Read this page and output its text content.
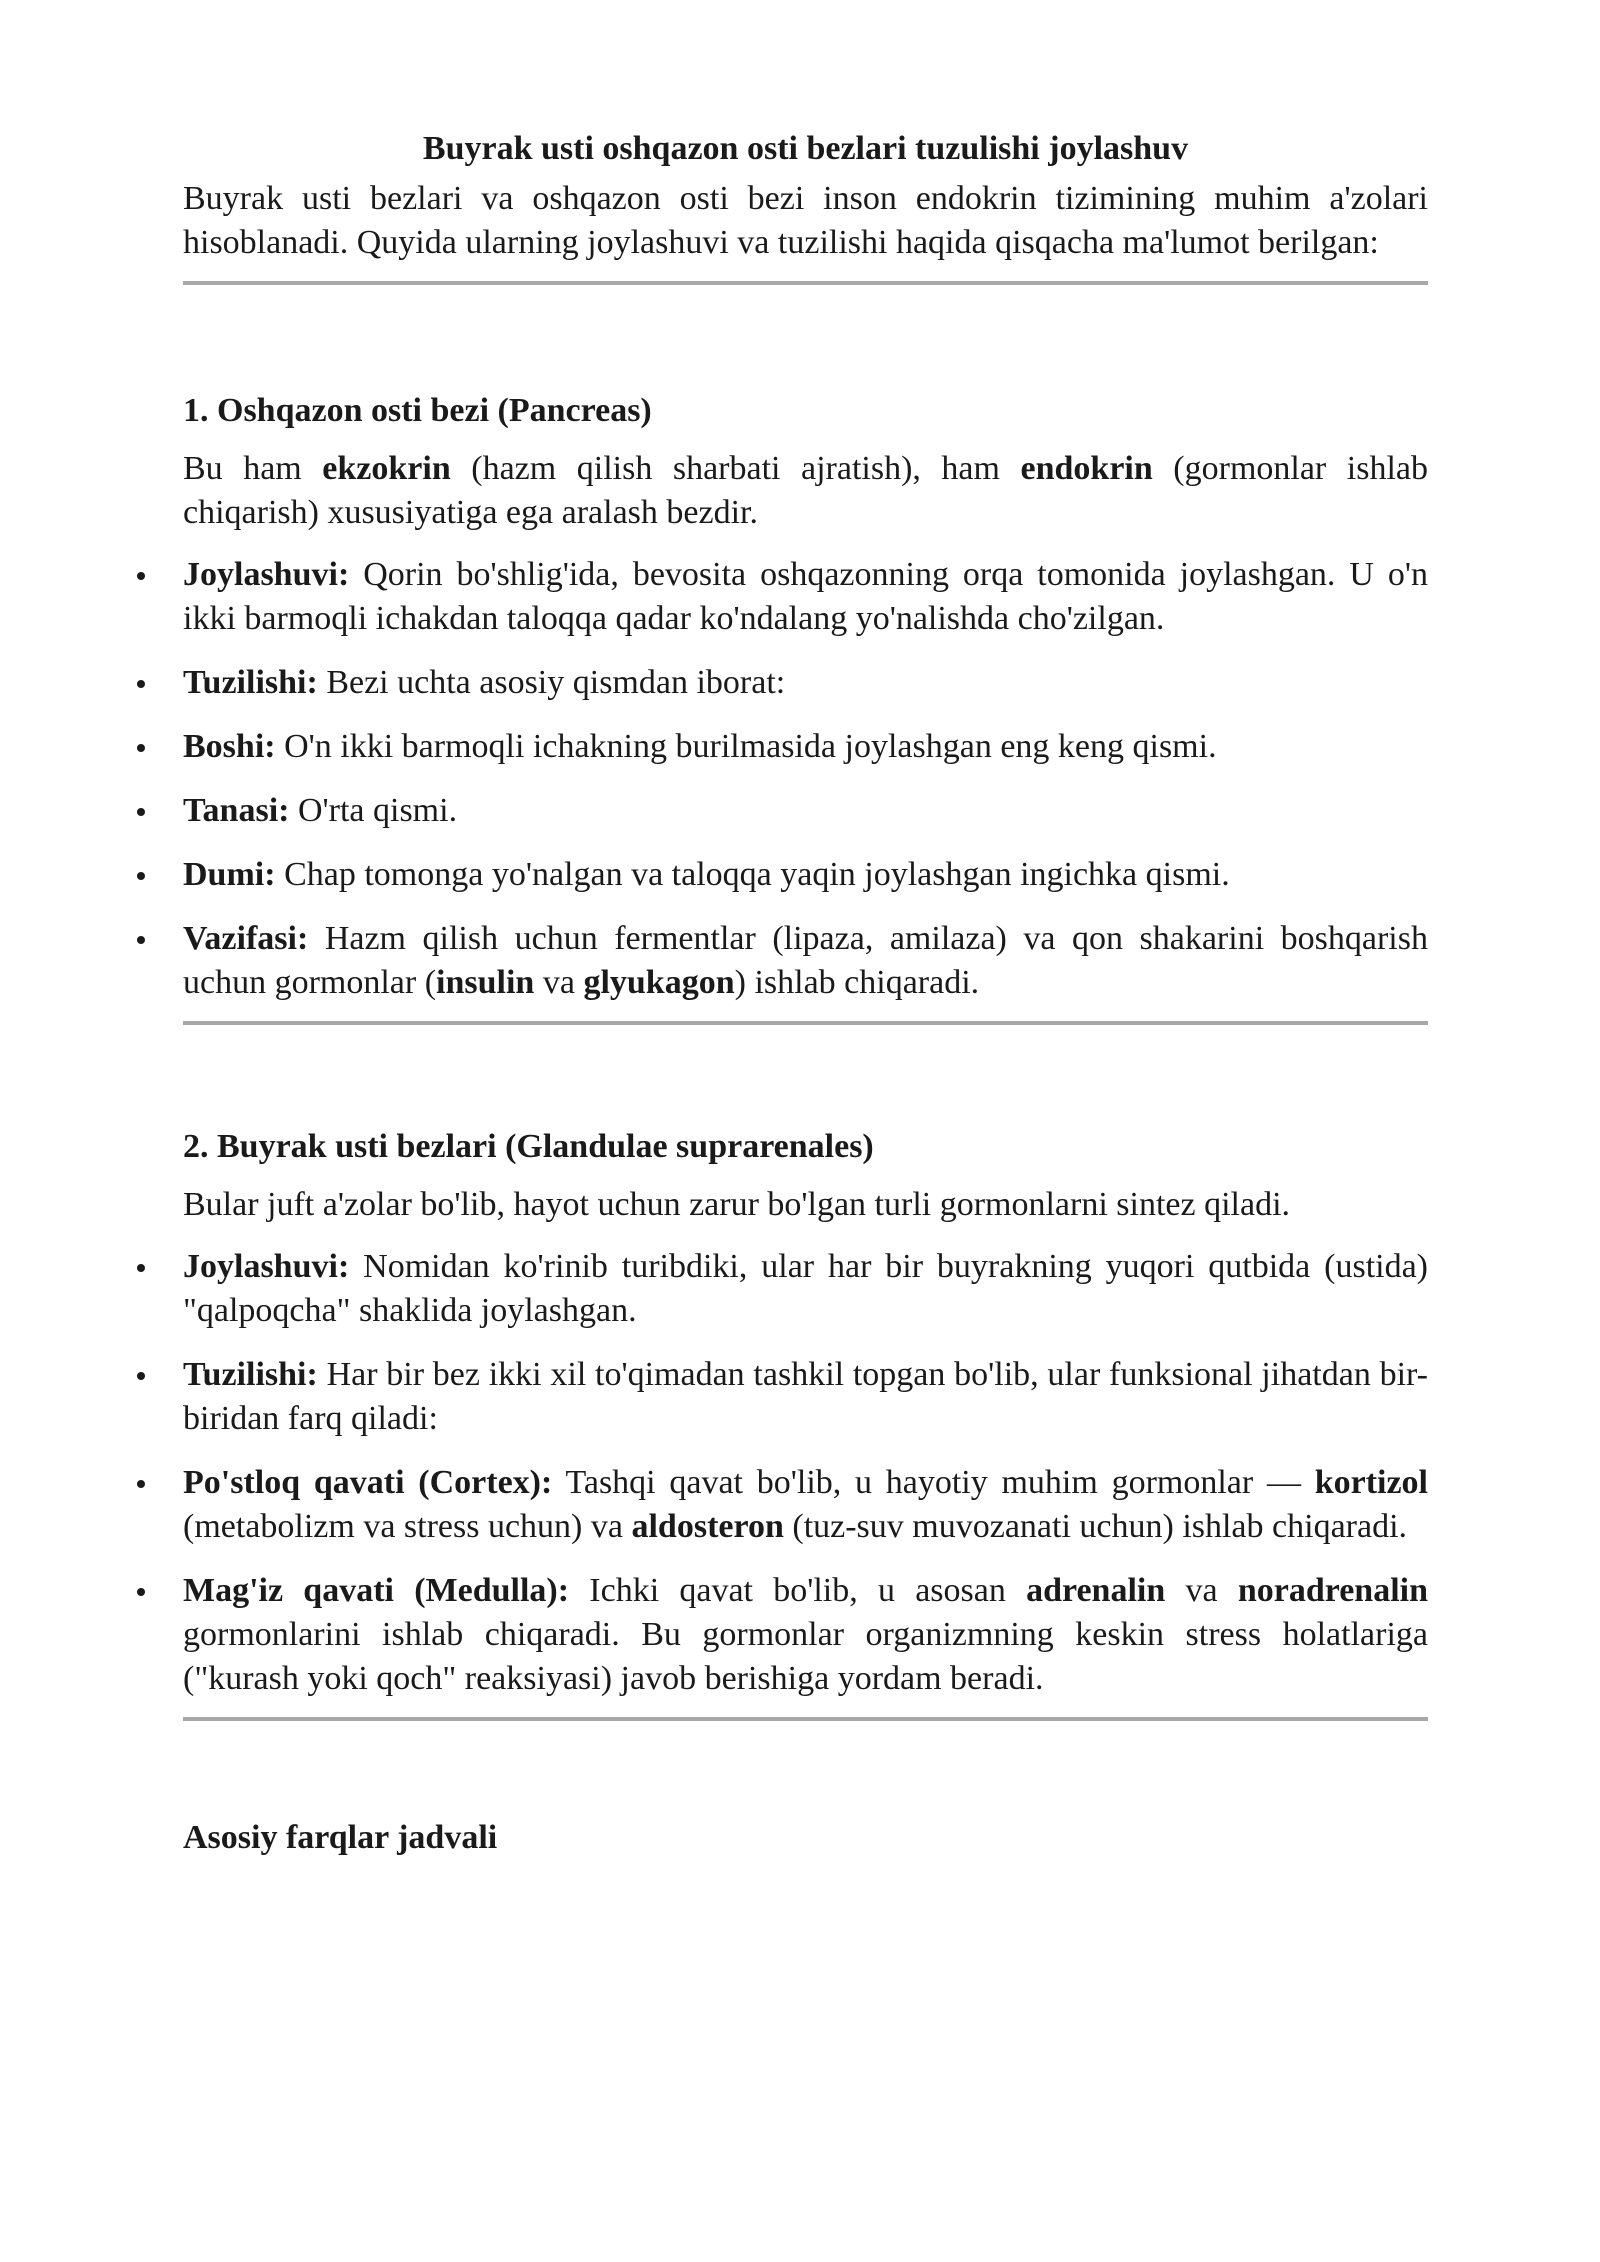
Buyrak usti oshqazon osti bezlari tuzulishi joylashuv

Buyrak usti bezlari va oshqazon osti bezi inson endokrin tizimining muhim a'zolari hisoblanadi. Quyida ularning joylashuvi va tuzilishi haqida qisqacha ma'lumot berilgan:

1. Oshqazon osti bezi (Pancreas)

Bu ham ekzokrin (hazm qilish sharbati ajratish), ham endokrin (gormonlar ishlab chiqarish) xususiyatiga ega aralash bezdir.

Joylashuvi: Qorin bo'shlig'ida, bevosita oshqazonning orqa tomonida joylashgan. U o'n ikki barmoqli ichakdan taloqqa qadar ko'ndalang yo'nalishda cho'zilgan.
Tuzilishi: Bezi uchta asosiy qismdan iborat:
Boshi: O'n ikki barmoqli ichakning burilmasida joylashgan eng keng qismi.
Tanasi: O'rta qismi.
Dumi: Chap tomonga yo'nalgan va taloqqa yaqin joylashgan ingichka qismi.
Vazifasi: Hazm qilish uchun fermentlar (lipaza, amilaza) va qon shakarini boshqarish uchun gormonlar (insulin va glyukagon) ishlab chiqaradi.
2. Buyrak usti bezlari (Glandulae suprarenales)

Bular juft a'zolar bo'lib, hayot uchun zarur bo'lgan turli gormonlarni sintez qiladi.

Joylashuvi: Nomidan ko'rinib turibdiki, ular har bir buyrakning yuqori qutbida (ustida) "qalpoqcha" shaklida joylashgan.
Tuzilishi: Har bir bez ikki xil to'qimadan tashkil topgan bo'lib, ular funksional jihatdan bir-biridan farq qiladi:
Po'stloq qavati (Cortex): Tashqi qavat bo'lib, u hayotiy muhim gormonlar — kortizol (metabolizm va stress uchun) va aldosteron (tuz-suv muvozanati uchun) ishlab chiqaradi.
Mag'iz qavati (Medulla): Ichki qavat bo'lib, u asosan adrenalin va noradrenalin gormonlarini ishlab chiqaradi. Bu gormonlar organizmning keskin stress holatlariga ("kurash yoki qoch" reaksiyasi) javob berishiga yordam beradi.
Asosiy farqlar jadvali
